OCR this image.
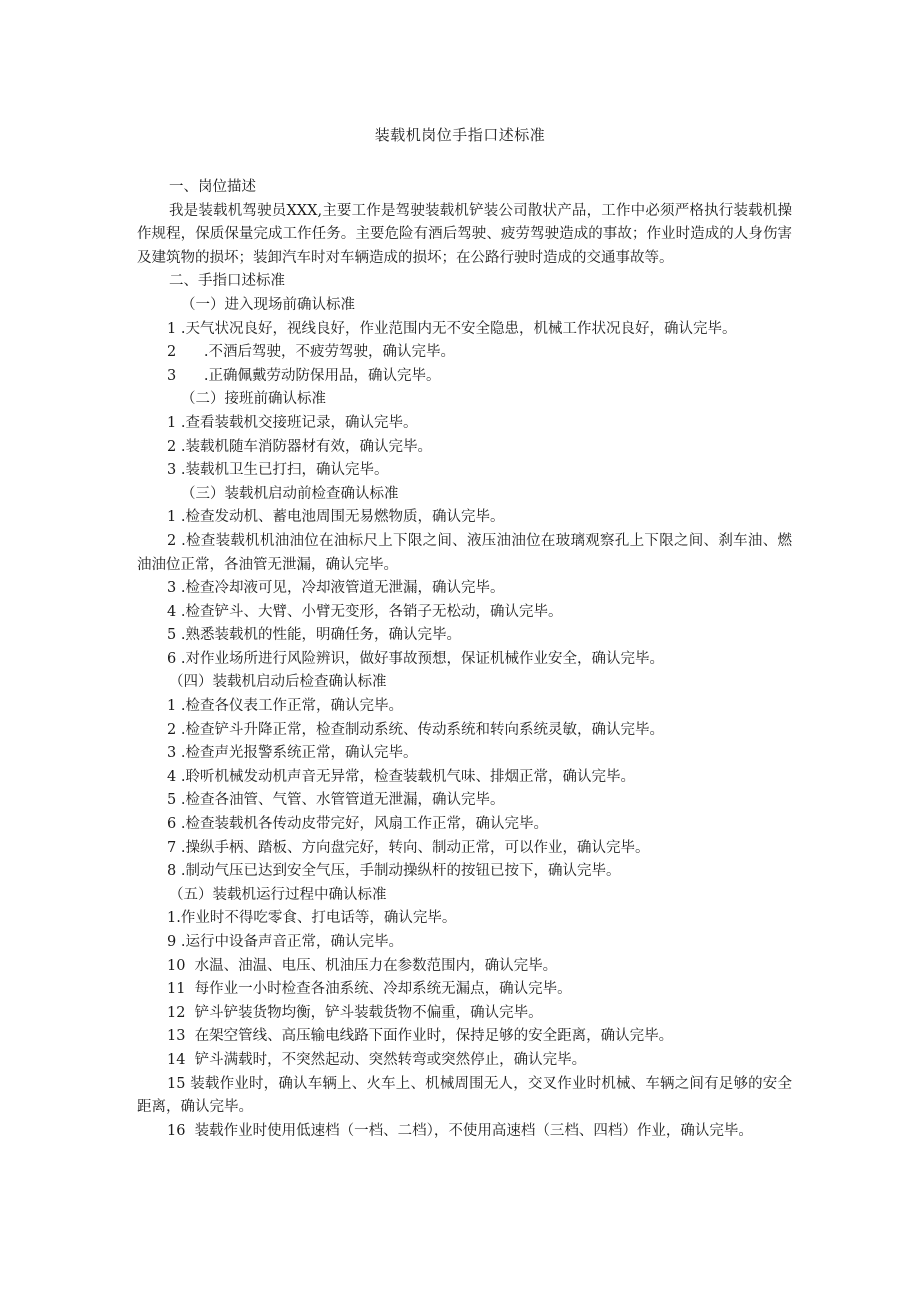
装载机岗位手指口述标准
一、岗位描述
我是装载机驾驶员XXX,主要工作是驾驶装载机铲装公司散状产品，工作中必须严格执行装载机操作规程，保质保量完成工作任务。主要危险有酒后驾驶、疲劳驾驶造成的事故；作业时造成的人身伤害及建筑物的损坏；装卸汽车时对车辆造成的损坏；在公路行驶时造成的交通事故等。
二、手指口述标准
（一）进入现场前确认标准
1 .天气状况良好，视线良好，作业范围内无不安全隐患，机械工作状况良好，确认完毕。
2      .不酒后驾驶，不疲劳驾驶，确认完毕。
3      .正确佩戴劳动防保用品，确认完毕。
（二）接班前确认标准
1 .查看装载机交接班记录，确认完毕。
2 .装载机随车消防器材有效，确认完毕。
3 .装载机卫生已打扫，确认完毕。
（三）装载机启动前检查确认标准
1 .检查发动机、蓄电池周围无易燃物质，确认完毕。
2 .检查装载机机油油位在油标尺上下限之间、液压油油位在玻璃观察孔上下限之间、刹车油、燃油油位正常，各油管无泄漏，确认完毕。
3 .检查冷却液可见，冷却液管道无泄漏，确认完毕。
4 .检查铲斗、大臂、小臂无变形，各销子无松动，确认完毕。
5 .熟悉装载机的性能，明确任务，确认完毕。
6 .对作业场所进行风险辨识，做好事故预想，保证机械作业安全，确认完毕。
（四）装载机启动后检查确认标准
1 .检查各仪表工作正常，确认完毕。
2 .检查铲斗升降正常，检查制动系统、传动系统和转向系统灵敏，确认完毕。
3 .检查声光报警系统正常，确认完毕。
4 .聆听机械发动机声音无异常，检查装载机气味、排烟正常，确认完毕。
5 .检查各油管、气管、水管管道无泄漏，确认完毕。
6 .检查装载机各传动皮带完好，风扇工作正常，确认完毕。
7 .操纵手柄、踏板、方向盘完好，转向、制动正常，可以作业，确认完毕。
8 .制动气压已达到安全气压，手制动操纵杆的按钮已按下，确认完毕。
（五）装载机运行过程中确认标准
1.作业时不得吃零食、打电话等，确认完毕。
9 .运行中设备声音正常，确认完毕。
10  水温、油温、电压、机油压力在参数范围内，确认完毕。
11  每作业一小时检查各油系统、冷却系统无漏点，确认完毕。
12  铲斗铲装货物均衡，铲斗装载货物不偏重，确认完毕。
13  在架空管线、高压输电线路下面作业时，保持足够的安全距离，确认完毕。
14  铲斗满载时，不突然起动、突然转弯或突然停止，确认完毕。
15 装载作业时，确认车辆上、火车上、机械周围无人，交叉作业时机械、车辆之间有足够的安全距离，确认完毕。
16  装载作业时使用低速档（一档、二档），不使用高速档（三档、四档）作业，确认完毕。
